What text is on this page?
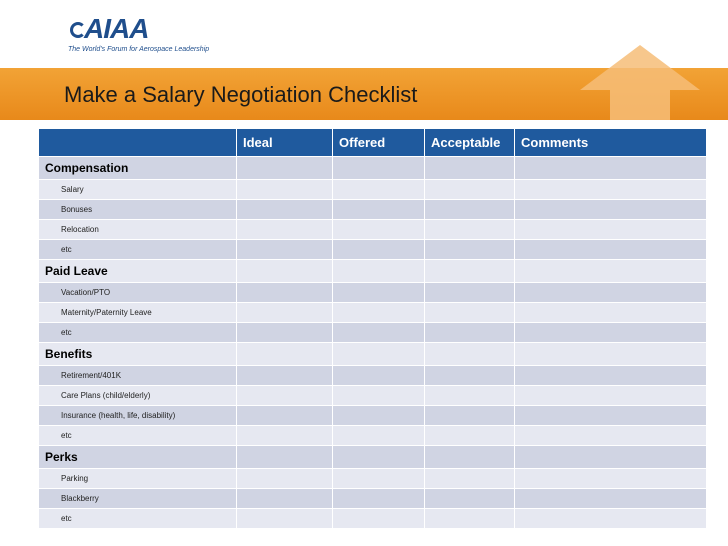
AIAA
The World's Forum for Aerospace Leadership
Make a Salary Negotiation Checklist
	Ideal	Offered	Acceptable	Comments
Compensation				
Salary				
Bonuses				
Relocation				
etc				
Paid Leave				
Vacation/PTO				
Maternity/Paternity Leave				
etc				
Benefits				
Retirement/401K				
Care Plans (child/elderly)				
Insurance (health, life, disability)				
etc				
Perks				
Parking				
Blackberry				
etc				
